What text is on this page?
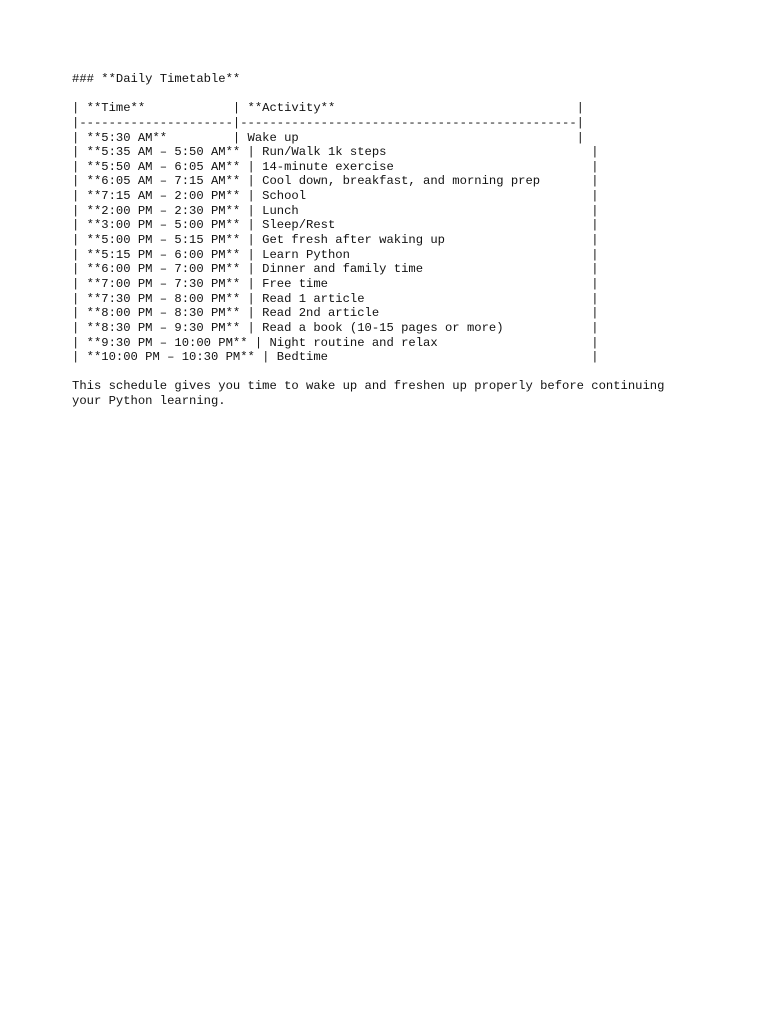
### **Daily Timetable**
| **Time**            | **Activity**                                 |
|---------------------|----------------------------------------------|
| **5:30 AM**         | Wake up                                      |
| **5:35 AM – 5:50 AM** | Run/Walk 1k steps                            |
| **5:50 AM – 6:05 AM** | 14-minute exercise                           |
| **6:05 AM – 7:15 AM** | Cool down, breakfast, and morning prep       |
| **7:15 AM – 2:00 PM** | School                                       |
| **2:00 PM – 2:30 PM** | Lunch                                        |
| **3:00 PM – 5:00 PM** | Sleep/Rest                                   |
| **5:00 PM – 5:15 PM** | Get fresh after waking up                    |
| **5:15 PM – 6:00 PM** | Learn Python                                 |
| **6:00 PM – 7:00 PM** | Dinner and family time                       |
| **7:00 PM – 7:30 PM** | Free time                                    |
| **7:30 PM – 8:00 PM** | Read 1 article                               |
| **8:00 PM – 8:30 PM** | Read 2nd article                             |
| **8:30 PM – 9:30 PM** | Read a book (10-15 pages or more)            |
| **9:30 PM – 10:00 PM** | Night routine and relax                     |
| **10:00 PM – 10:30 PM** | Bedtime                                    |
This schedule gives you time to wake up and freshen up properly before continuing
your Python learning.
